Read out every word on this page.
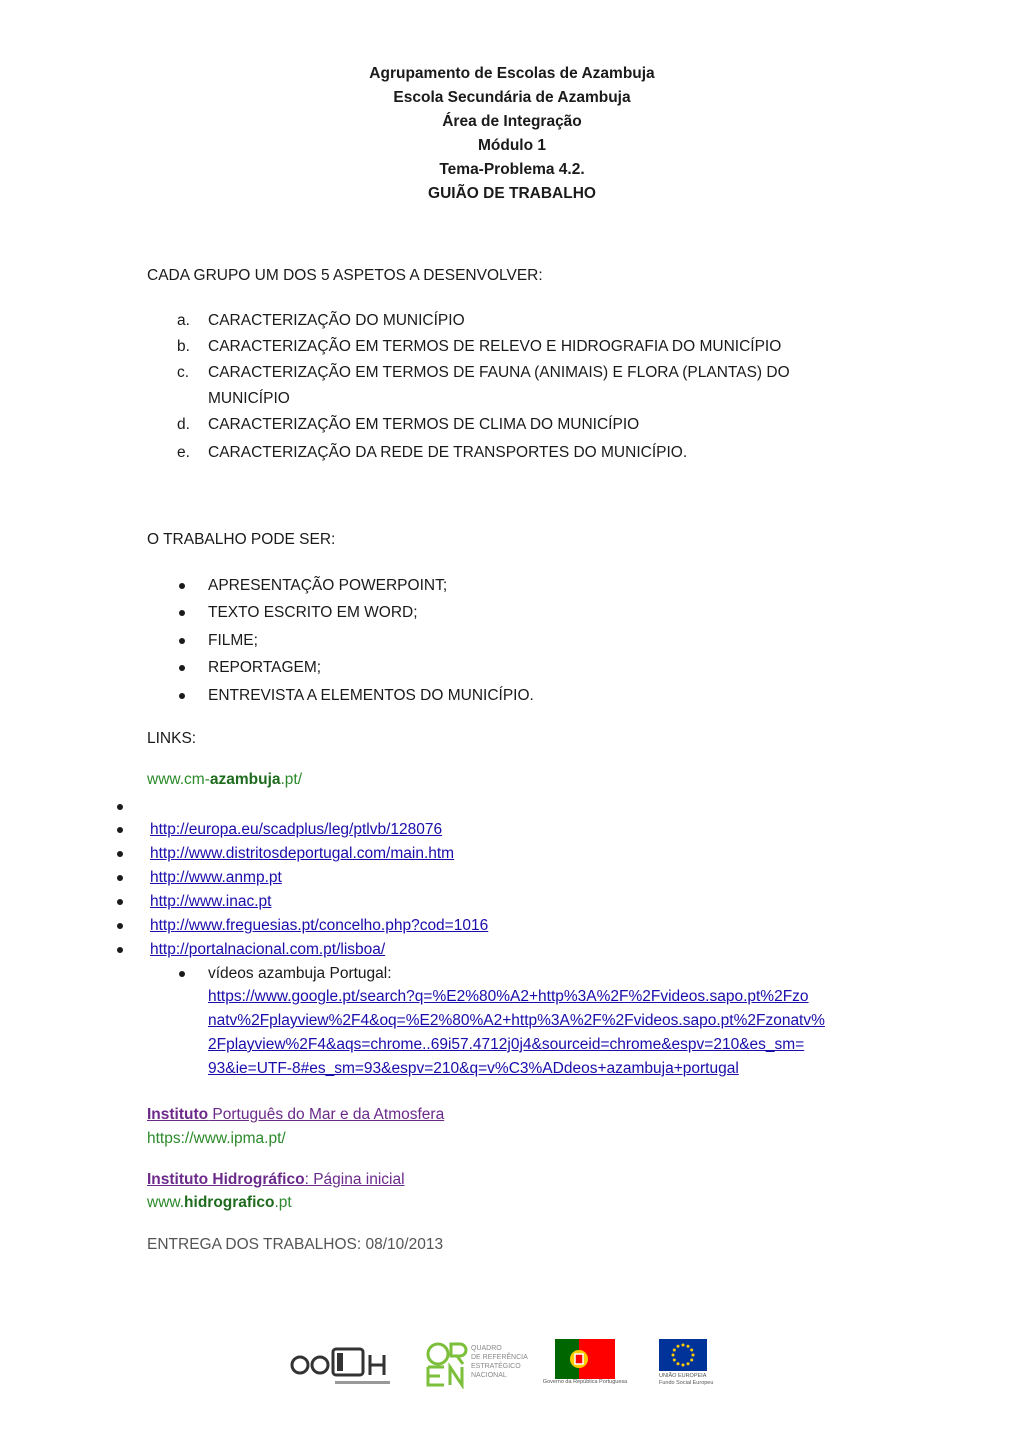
Agrupamento de Escolas de Azambuja
Escola Secundária de Azambuja
Área de Integração
Módulo 1
Tema-Problema 4.2.
GUIÃO DE TRABALHO
CADA GRUPO UM DOS 5 ASPETOS A DESENVOLVER:
a.	CARACTERIZAÇÃO DO MUNICÍPIO
b.	CARACTERIZAÇÃO EM TERMOS DE RELEVO E HIDROGRAFIA DO MUNICÍPIO
c.	CARACTERIZAÇÃO EM TERMOS DE FAUNA (ANIMAIS) E FLORA (PLANTAS) DO
MUNICÍPIO
d.	CARACTERIZAÇÃO EM TERMOS DE CLIMA DO MUNICÍPIO
e.	CARACTERIZAÇÃO DA REDE DE TRANSPORTES DO MUNICÍPIO.
O TRABALHO PODE SER:
APRESENTAÇÃO POWERPOINT;
TEXTO ESCRITO EM WORD;
FILME;
REPORTAGEM;
ENTREVISTA A ELEMENTOS DO MUNICÍPIO.
LINKS:
www.cm-azambuja.pt/
http://europa.eu/scadplus/leg/ptlvb/128076
http://www.distritosdeportugal.com/main.htm
http://www.anmp.pt
http://www.inac.pt
http://www.freguesias.pt/concelho.php?cod=1016
http://portalnacional.com.pt/lisboa/
vídeos azambuja Portugal:
https://www.google.pt/search?q=%E2%80%A2+http%3A%2F%2Fvideos.sapo.pt%2Fzo
natv%2Fplayview%2F4&oq=%E2%80%A2+http%3A%2F%2Fvideos.sapo.pt%2Fzonatv%
2Fplayview%2F4&aqs=chrome..69i57.4712j0j4&sourceid=chrome&espv=210&es_sm=
93&ie=UTF-8#es_sm=93&espv=210&q=v%C3%ADdeos+azambuja+portugal
Instituto Português do Mar e da Atmosfera
https://www.ipma.pt/
Instituto Hidrográfico: Página inicial
www.hidrografico.pt
ENTREGA DOS TRABALHOS: 08/10/2013
QUADRO
DE REFERÊNCIA
ESTRATÉGICO
NACIONAL
Governo da República Portuguesa
UNIÃO EUROPEIA
Fundo Social Europeu
